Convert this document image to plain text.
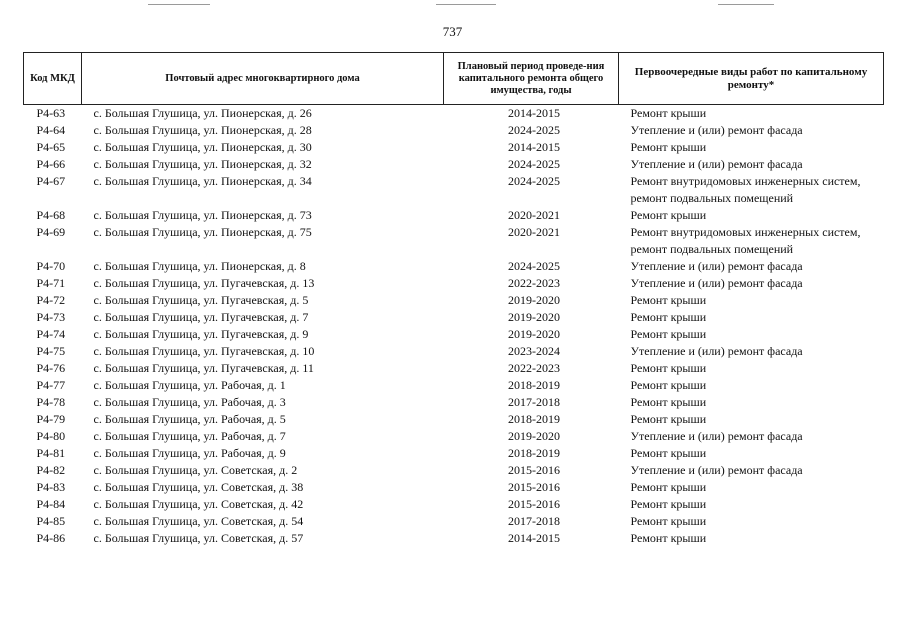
737
Код МКД	Почтовый адрес многоквартирного дома	Плановый период проведе-ния капитального ремонта общего имущества, годы	Первоочередные виды работ по капитальному ремонту*
Р4-63	с. Большая Глушица, ул. Пионерская, д. 26	2014-2015	Ремонт крыши

Р4-64	с. Большая Глушица, ул. Пионерская, д. 28	2024-2025	Утепление и (или) ремонт фасада

Р4-65	с. Большая Глушица, ул. Пионерская, д. 30	2014-2015	Ремонт крыши

Р4-66	с. Большая Глушица, ул. Пионерская, д. 32	2024-2025	Утепление и (или) ремонт фасада

Р4-67	с. Большая Глушица, ул. Пионерская, д. 34	2024-2025	Ремонт внутридомовых инженерных систем,
ремонт подвальных помещений

Р4-68	с. Большая Глушица, ул. Пионерская, д. 73	2020-2021	Ремонт крыши

Р4-69	с. Большая Глушица, ул. Пионерская, д. 75	2020-2021	Ремонт внутридомовых инженерных систем,
ремонт подвальных помещений

Р4-70	с. Большая Глушица, ул. Пионерская, д. 8	2024-2025	Утепление и (или) ремонт фасада

Р4-71	с. Большая Глушица, ул. Пугачевская, д. 13	2022-2023	Утепление и (или) ремонт фасада

Р4-72	с. Большая Глушица, ул. Пугачевская, д. 5	2019-2020	Ремонт крыши

Р4-73	с. Большая Глушица, ул. Пугачевская, д. 7	2019-2020	Ремонт крыши

Р4-74	с. Большая Глушица, ул. Пугачевская, д. 9	2019-2020	Ремонт крыши

Р4-75	с. Большая Глушица, ул. Пугачевская, д. 10	2023-2024	Утепление и (или) ремонт фасада

Р4-76	с. Большая Глушица, ул. Пугачевская, д. 11	2022-2023	Ремонт крыши

Р4-77	с. Большая Глушица, ул. Рабочая, д. 1	2018-2019	Ремонт крыши

Р4-78	с. Большая Глушица, ул. Рабочая, д. 3	2017-2018	Ремонт крыши

Р4-79	с. Большая Глушица, ул. Рабочая, д. 5	2018-2019	Ремонт крыши

Р4-80	с. Большая Глушица, ул. Рабочая, д. 7	2019-2020	Утепление и (или) ремонт фасада

Р4-81	с. Большая Глушица, ул. Рабочая, д. 9	2018-2019	Ремонт крыши

Р4-82	с. Большая Глушица, ул. Советская, д. 2	2015-2016	Утепление и (или) ремонт фасада

Р4-83	с. Большая Глушица, ул. Советская, д. 38	2015-2016	Ремонт крыши

Р4-84	с. Большая Глушица, ул. Советская, д. 42	2015-2016	Ремонт крыши

Р4-85	с. Большая Глушица, ул. Советская, д. 54	2017-2018	Ремонт крыши

Р4-86	с. Большая Глушица, ул. Советская, д. 57	2014-2015	Ремонт крыши
